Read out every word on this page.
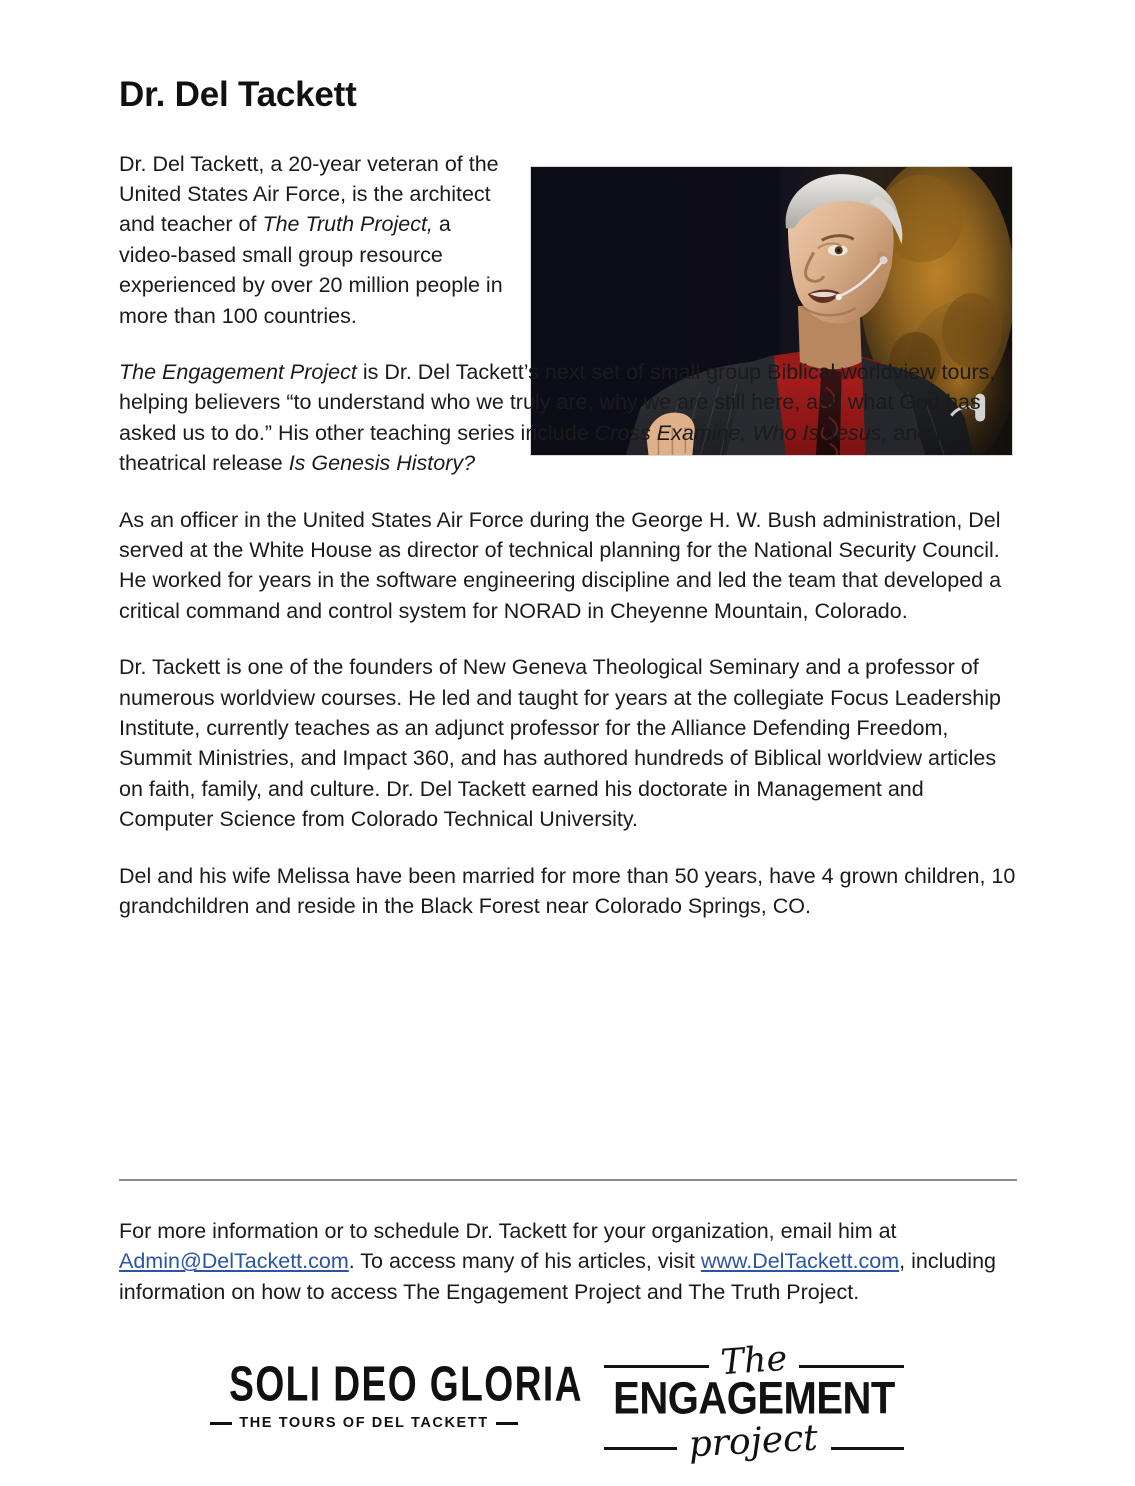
Dr. Del Tackett

Dr. Del Tackett, a 20-year veteran of the United States Air Force, is the architect and teacher of The Truth Project, a video-based small group resource experienced by over 20 million people in more than 100 countries.

The Engagement Project is Dr. Del Tackett’s next set of small group Biblical worldview tours, helping believers “to understand who we truly are, why we are still here, and what God has asked us to do.” His other teaching series include Cross Examine, Who Is Jesus, and the theatrical release Is Genesis History?

As an officer in the United States Air Force during the George H. W. Bush administration, Del served at the White House as director of technical planning for the National Security Council. He worked for years in the software engineering discipline and led the team that developed a critical command and control system for NORAD in Cheyenne Mountain, Colorado.

Dr. Tackett is one of the founders of New Geneva Theological Seminary and a professor of numerous worldview courses. He led and taught for years at the collegiate Focus Leadership Institute, currently teaches as an adjunct professor for the Alliance Defending Freedom, Summit Ministries, and Impact 360, and has authored hundreds of Biblical worldview articles on faith, family, and culture. Dr. Del Tackett earned his doctorate in Management and Computer Science from Colorado Technical University.

Del and his wife Melissa have been married for more than 50 years, have 4 grown children, 10 grandchildren and reside in the Black Forest near Colorado Springs, CO.

For more information or to schedule Dr. Tackett for your organization, email him at Admin@DelTackett.com. To access many of his articles, visit www.DelTackett.com, including information on how to access The Engagement Project and The Truth Project.
SOLI DEO GLORIA
THE TOURS OF DEL TACKETT
The
ENGAGEMENT
project
